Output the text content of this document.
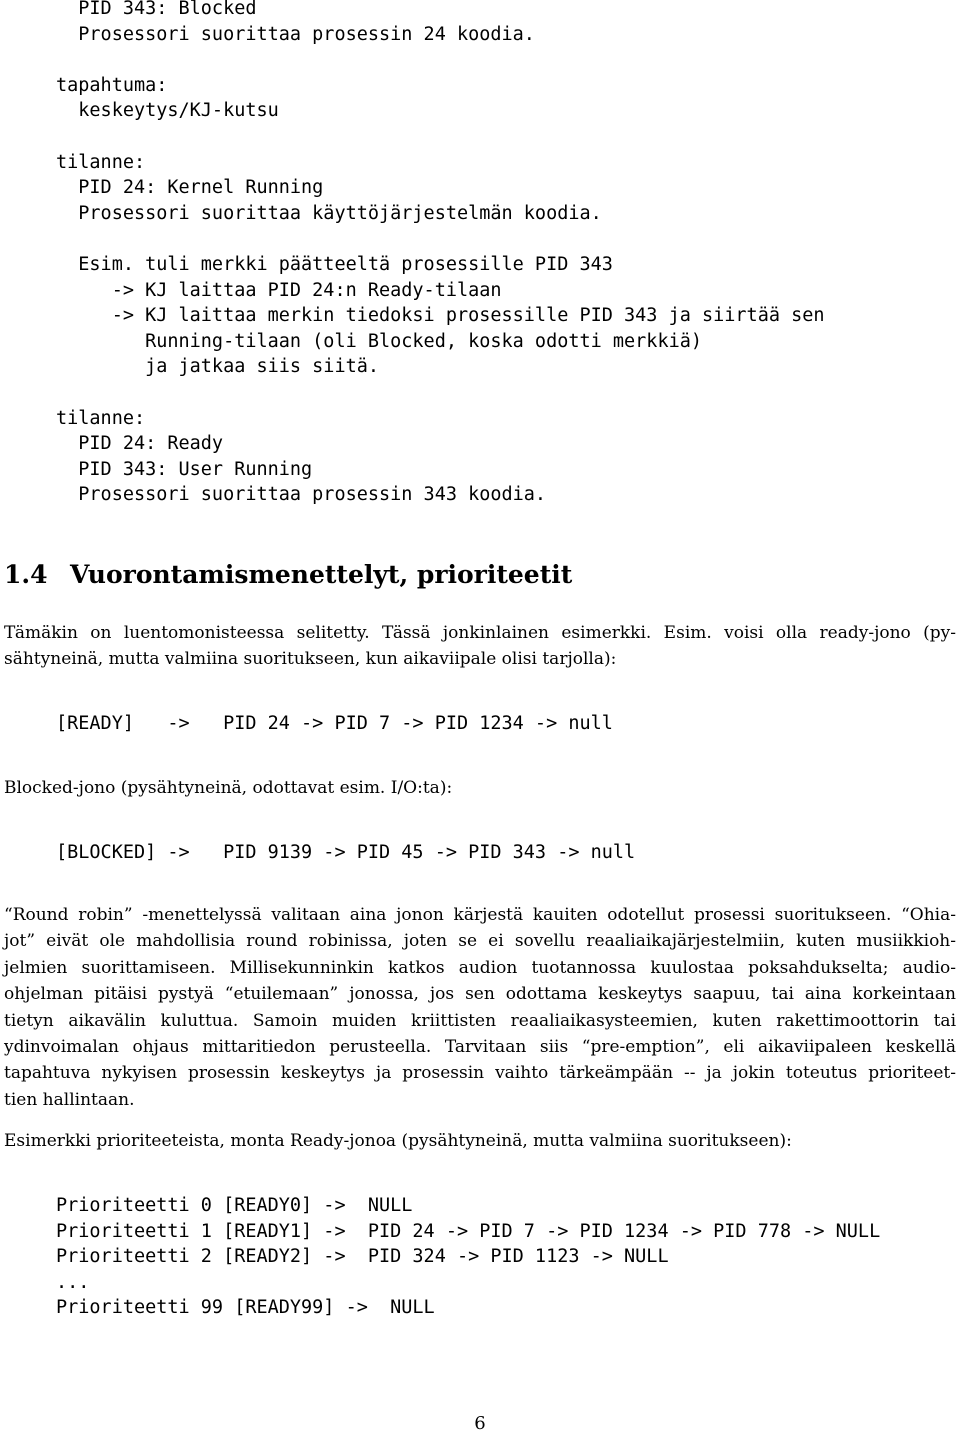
PID 343: Blocked
Prosessori suorittaa prosessin 24 koodia.

tapahtuma:
keskeytys/KJ-kutsu

tilanne:
PID 24: Kernel Running
Prosessori suorittaa käyttöjärjestelmän koodia.

Esim. tuli merkki päätteeltä prosessille PID 343
-> KJ laittaa PID 24:n Ready-tilaan
-> KJ laittaa merkin tiedoksi prosessille PID 343 ja siirtää sen
Running-tilaan (oli Blocked, koska odotti merkkiä)
ja jatkaa siis siitä.

tilanne:
PID 24: Ready
PID 343: User Running
Prosessori suorittaa prosessin 343 koodia.
1.4 Vuorontamismenettelyt, prioriteetit

Tämäkin on luentomonisteessa selitetty. Tässä jonkinlainen esimerkki. Esim. voisi olla ready-jono (py-
sähtyneinä, mutta valmiina suoritukseen, kun aikaviipale olisi tarjolla):

[READY]   ->   PID 24 -> PID 7 -> PID 1234 -> null

Blocked-jono (pysähtyneinä, odottavat esim. I/O:ta):

[BLOCKED] ->   PID 9139 -> PID 45 -> PID 343 -> null

“Round robin” -menettelyssä valitaan aina jonon kärjestä kauiten odotellut prosessi suoritukseen. “Ohia-
jot” eivät ole mahdollisia round robinissa, joten se ei sovellu reaaliaikajärjestelmiin, kuten musiikkioh-
jelmien suorittamiseen. Millisekunninkin katkos audion tuotannossa kuulostaa poksahdukselta; audio-
ohjelman pitäisi pystyä “etuilemaan” jonossa, jos sen odottama keskeytys saapuu, tai aina korkeintaan
tietyn aikavälin kuluttua. Samoin muiden kriittisten reaaliaikasysteemien, kuten rakettimoottorin tai
ydinvoimalan ohjaus mittaritiedon perusteella. Tarvitaan siis “pre-emption”, eli aikaviipaleen keskellä
tapahtuva nykyisen prosessin keskeytys ja prosessin vaihto tärkeämpään -- ja jokin toteutus prioriteet-
tien hallintaan.

Esimerkki prioriteeteista, monta Ready-jonoa (pysähtyneinä, mutta valmiina suoritukseen):

Prioriteetti 0 [READY0] ->  NULL
Prioriteetti 1 [READY1] ->  PID 24 -> PID 7 -> PID 1234 -> PID 778 -> NULL
Prioriteetti 2 [READY2] ->  PID 324 -> PID 1123 -> NULL
...
Prioriteetti 99 [READY99] ->  NULL

6
